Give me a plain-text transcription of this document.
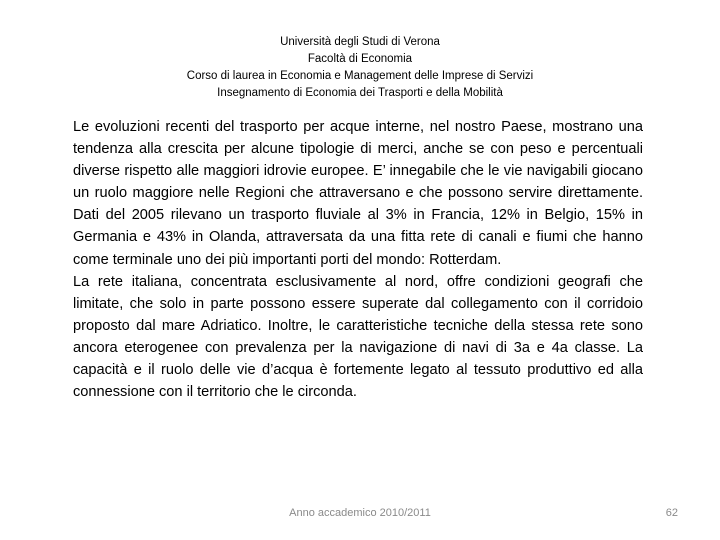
Università degli Studi di Verona
Facoltà di Economia
Corso di laurea in Economia e Management delle Imprese di Servizi
Insegnamento di Economia dei Trasporti e della Mobilità

Le evoluzioni recenti del trasporto per acque interne, nel nostro Paese, mostrano una tendenza alla crescita per alcune tipologie di merci, anche se con peso e percentuali diverse rispetto alle maggiori idrovie europee. E’ innegabile che le vie navigabili giocano un ruolo maggiore nelle Regioni che attraversano e che possono servire direttamente. Dati del 2005 rilevano un trasporto fluviale al 3% in Francia, 12% in Belgio, 15% in Germania e 43% in Olanda, attraversata da una fitta rete di canali e fiumi che hanno come terminale uno dei più importanti porti del mondo: Rotterdam.

La rete italiana, concentrata esclusivamente al nord, offre condizioni geografi che limitate, che solo in parte possono essere superate dal collegamento con il corridoio proposto dal mare Adriatico. Inoltre, le caratteristiche tecniche della stessa rete sono ancora eterogenee con prevalenza per la navigazione di navi di 3a e 4a classe. La capacità e il ruolo delle vie d’acqua è fortemente legato al tessuto produttivo ed alla connessione con il territorio che le circonda.

Anno accademico 2010/2011	62
